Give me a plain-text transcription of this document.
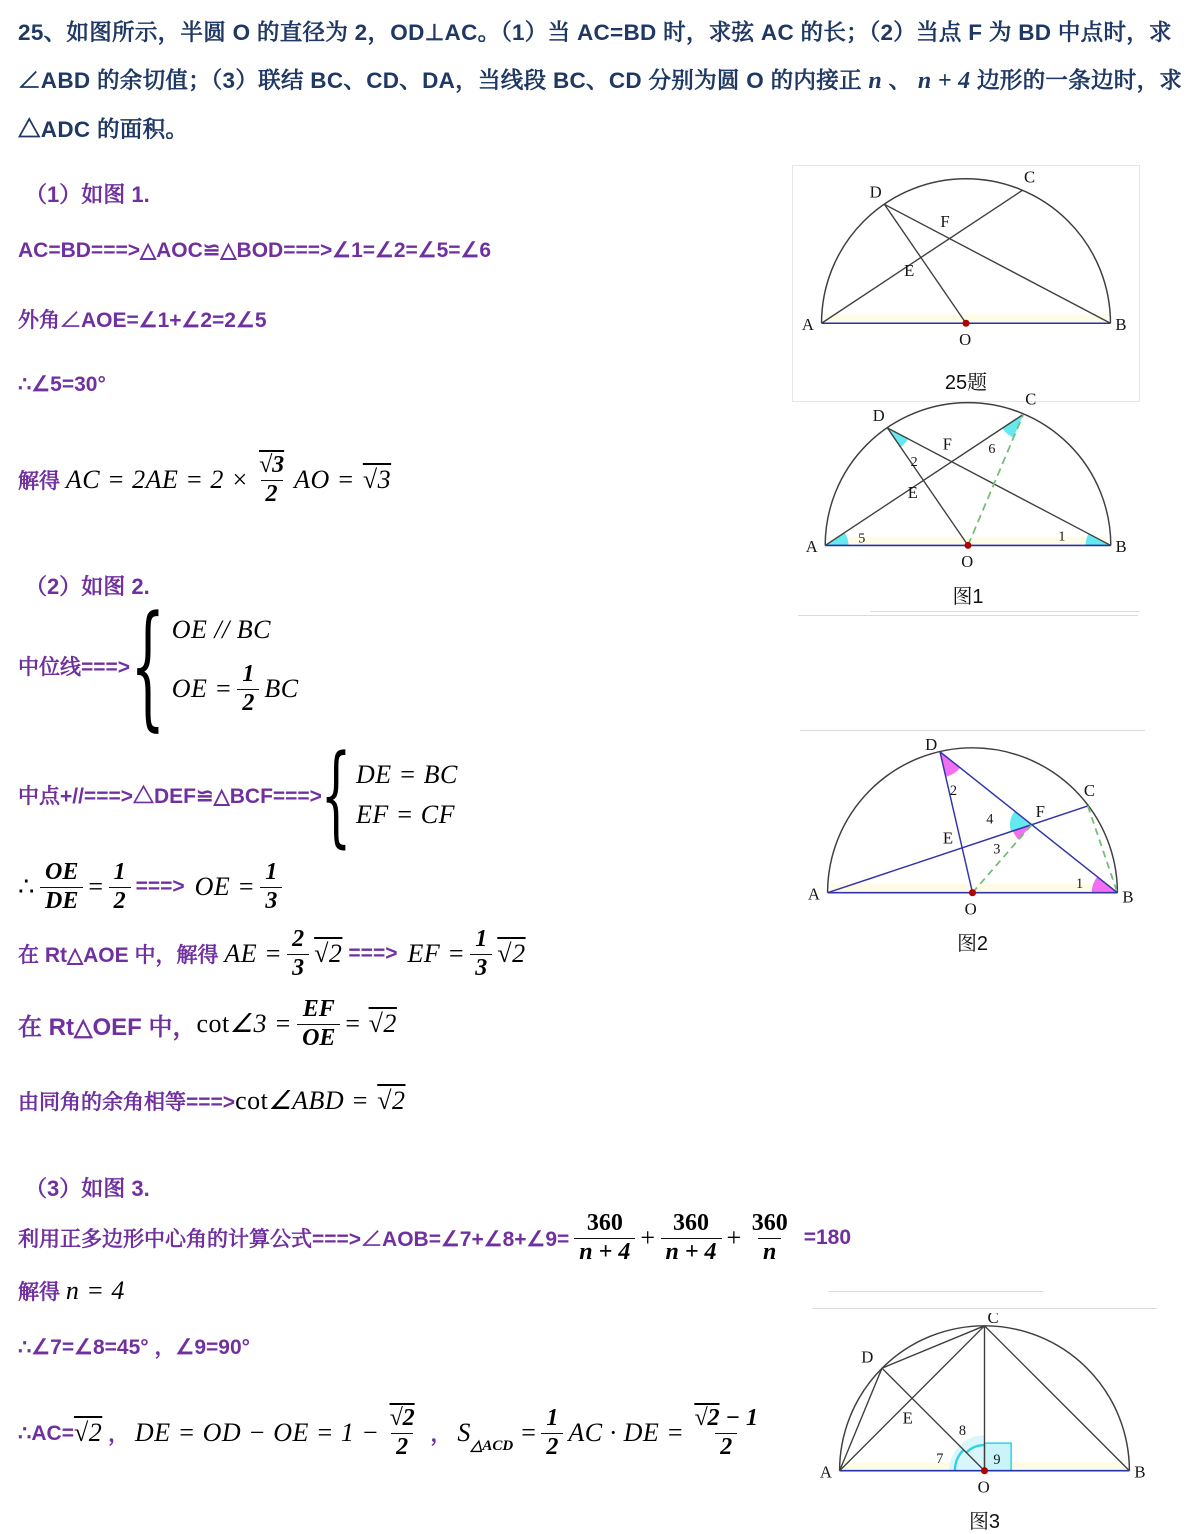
25、如图所示，半圆 O 的直径为 2，OD⊥AC。（1）当 AC=BD 时，求弦 AC 的长；（2）当点 F 为 BD 中点时，求∠ABD 的余切值；（3）联结 BC、CD、DA，当线段 BC、CD 分别为圆 O 的内接正 n 、 n + 4 边形的一条边时，求△ADC 的面积。
（1）如图 1.
AC=BD===>△AOC≌△BOD===>∠1=∠2=∠5=∠6
外角∠AOE=∠1+∠2=2∠5
∴∠5=30°
解得 AC = $2AE = 2 \times \frac{√3}{2}$ AO = √3
（2）如图 2.
中位线===> { OE // BC
OE = $\frac{1}{2}$ BC
中点+//===>△DEF≌△BCF===>
{ DE = BC
EF = CF
∴ $\frac{OE}{DE} = \frac{1}{2}$ ===> OE = $\frac{1}{3}$
在 Rt△AOE 中，解得 AE = $\frac{2}{3} √2$ ===> EF = $\frac{1}{3} √2$
在 Rt△OEF 中 ， cot ∠3 = $\frac{EF}{OE} = √2$
由同角的余角相等===> cot ∠ABD = √2
（3）如图 3.
利用正多边形中心角的计算公式===>∠AOB=∠7+∠8+∠9= $\frac{360}{n + 4} + \frac{360}{n + 4} + \frac{360}{n} =180$
解得 n = 4
∴∠7=∠8=45° ，∠9=90°
∴AC= √2 ， DE = OD − OE = $1 - \frac{√2}{2}$ ， S △ACD = $\frac{1}{2}$ AC · DE = $\frac{√2 - 1}{2}$
A	B
C
D
E
F
O
25题
A	B
C
D
E
F
O
5
2
6
1
图1
A	B
C
D
E
F
O
2
4
3
1
图2
A	B
C
D
E
O
7
8
9
图3
